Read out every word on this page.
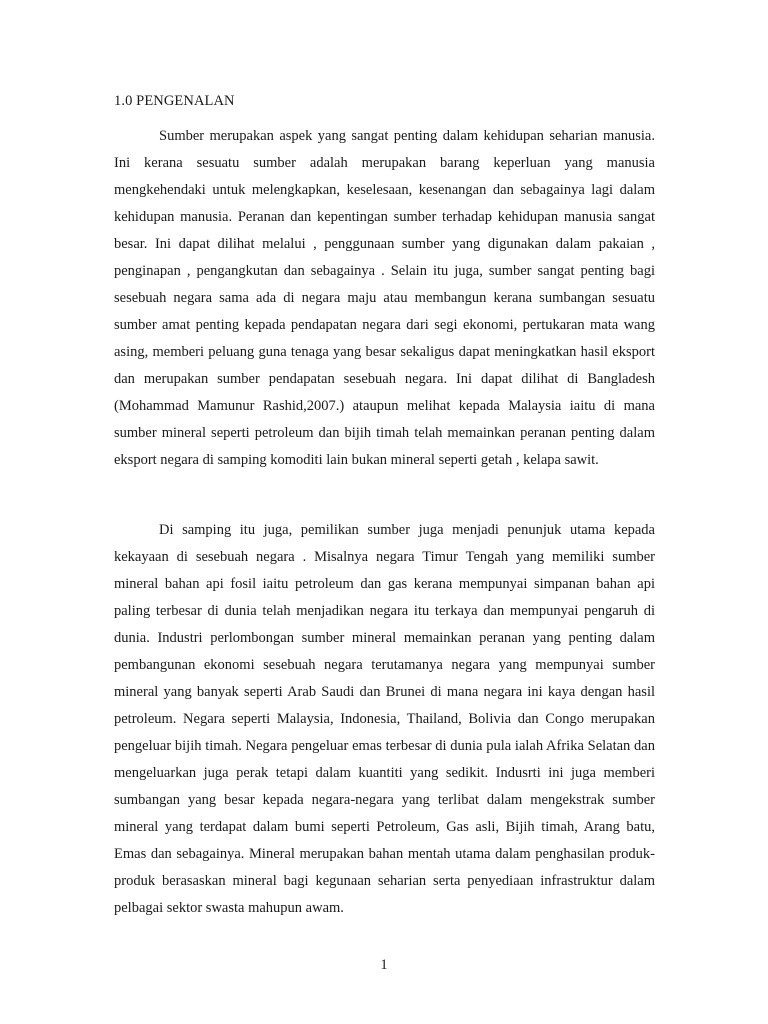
1.0 PENGENALAN

Sumber merupakan aspek yang sangat penting dalam kehidupan seharian manusia. Ini kerana sesuatu sumber adalah merupakan barang keperluan yang manusia mengkehendaki untuk melengkapkan, keselesaan, kesenangan dan sebagainya lagi dalam kehidupan manusia. Peranan dan kepentingan sumber terhadap kehidupan manusia sangat besar. Ini dapat dilihat melalui , penggunaan sumber yang digunakan dalam pakaian , penginapan , pengangkutan dan sebagainya . Selain itu juga, sumber sangat penting bagi sesebuah negara sama ada di negara maju atau membangun kerana sumbangan sesuatu sumber amat penting kepada pendapatan negara dari segi ekonomi, pertukaran mata wang asing, memberi peluang guna tenaga yang besar sekaligus dapat meningkatkan hasil eksport dan merupakan sumber pendapatan sesebuah negara. Ini dapat dilihat di Bangladesh (Mohammad Mamunur Rashid,2007.) ataupun melihat kepada Malaysia iaitu di mana sumber mineral seperti petroleum dan bijih timah telah memainkan peranan penting dalam eksport negara di samping komoditi lain bukan mineral seperti getah , kelapa sawit.

Di samping itu juga, pemilikan sumber juga menjadi penunjuk utama kepada kekayaan di sesebuah negara . Misalnya negara Timur Tengah yang memiliki sumber mineral bahan api fosil iaitu petroleum dan gas kerana mempunyai simpanan bahan api paling terbesar di dunia telah menjadikan negara itu terkaya dan mempunyai pengaruh di dunia. Industri perlombongan sumber mineral memainkan peranan yang penting dalam pembangunan ekonomi sesebuah negara terutamanya negara yang mempunyai sumber mineral yang banyak seperti Arab Saudi dan Brunei di mana negara ini kaya dengan hasil petroleum. Negara seperti Malaysia, Indonesia, Thailand, Bolivia dan Congo merupakan pengeluar bijih timah. Negara pengeluar emas terbesar di dunia pula ialah Afrika Selatan dan mengeluarkan juga perak tetapi dalam kuantiti yang sedikit. Indusrti ini juga memberi sumbangan yang besar kepada negara-negara yang terlibat dalam mengekstrak sumber mineral yang terdapat dalam bumi seperti Petroleum, Gas asli, Bijih timah, Arang batu, Emas dan sebagainya. Mineral merupakan bahan mentah utama dalam penghasilan produk-produk berasaskan mineral bagi kegunaan seharian serta penyediaan infrastruktur dalam pelbagai sektor swasta mahupun awam.

1
